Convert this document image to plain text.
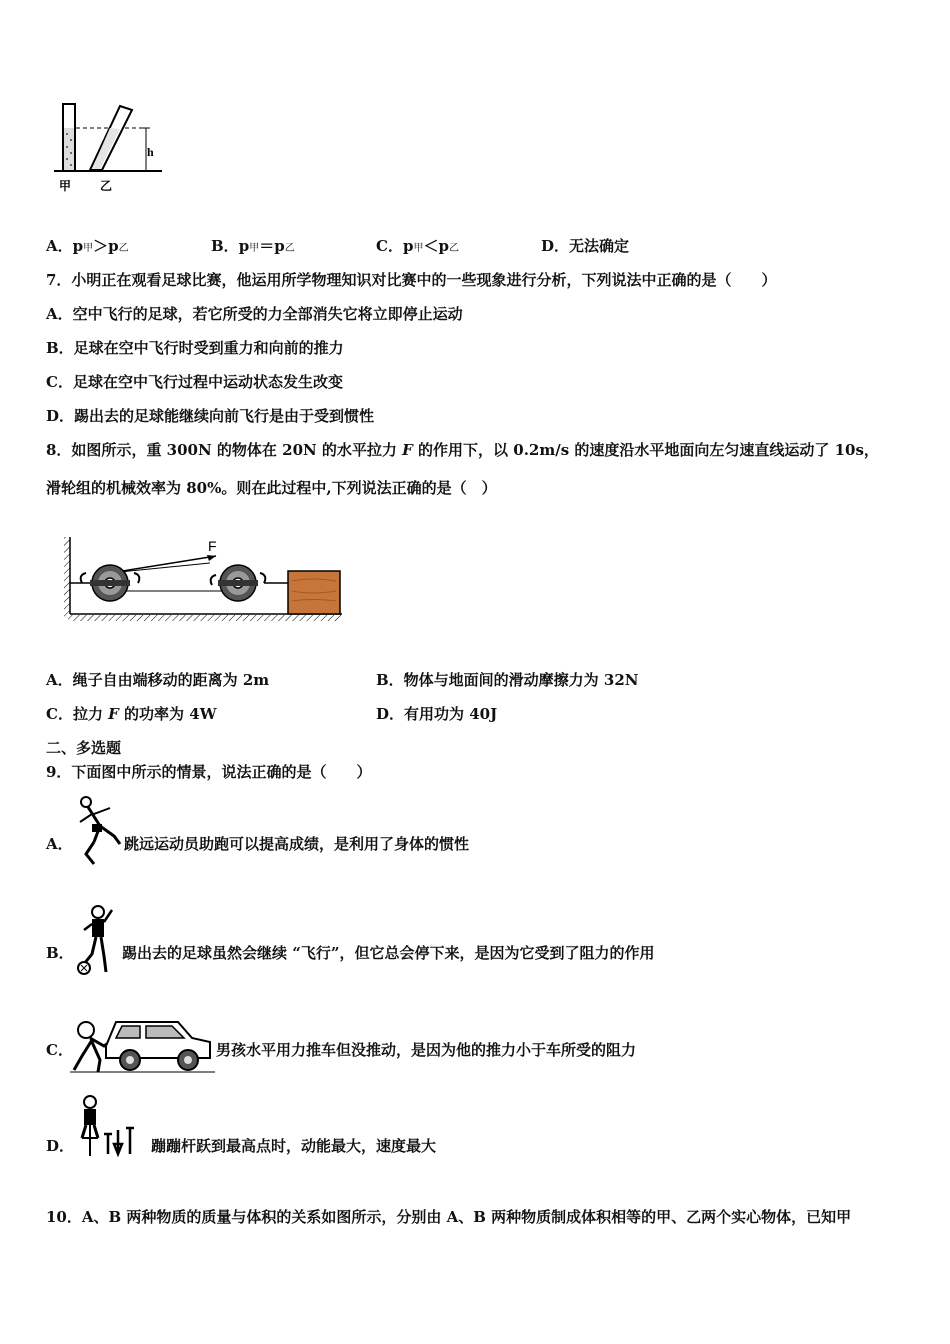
h
甲 乙
A．p甲＞p乙	B．p甲＝p乙	C．p甲＜p乙	D．无法确定
7．小明正在观看足球比赛，他运用所学物理知识对比赛中的一些现象进行分析，下列说法中正确的是（　　）
A．空中飞行的足球，若它所受的力全部消失它将立即停止运动
B．足球在空中飞行时受到重力和向前的推力
C．足球在空中飞行过程中运动状态发生改变
D．踢出去的足球能继续向前飞行是由于受到惯性
8．如图所示，重 300N 的物体在 20N 的水平拉力 F 的作用下，以 0.2m/s 的速度沿水平地面向左匀速直线运动了 10s，
滑轮组的机械效率为 80%。则在此过程中,下列说法正确的是（　）
F
A．绳子自由端移动的距离为 2m	B．物体与地面间的滑动摩擦力为 32N
C．拉力 F 的功率为 4W	D．有用功为 40J
二、多选题
9．下面图中所示的情景，说法正确的是（　　）
A．	跳远运动员助跑可以提高成绩，是利用了身体的惯性
B．	踢出去的足球虽然会继续 “飞行”，但它总会停下来，是因为它受到了阻力的作用
C．	男孩水平用力推车但没推动，是因为他的推力小于车所受的阻力
D．	蹦蹦杆跃到最高点时，动能最大，速度最大
10．A、B 两种物质的质量与体积的关系如图所示，分别由 A、B 两种物质制成体积相等的甲、乙两个实心物体，已知甲
